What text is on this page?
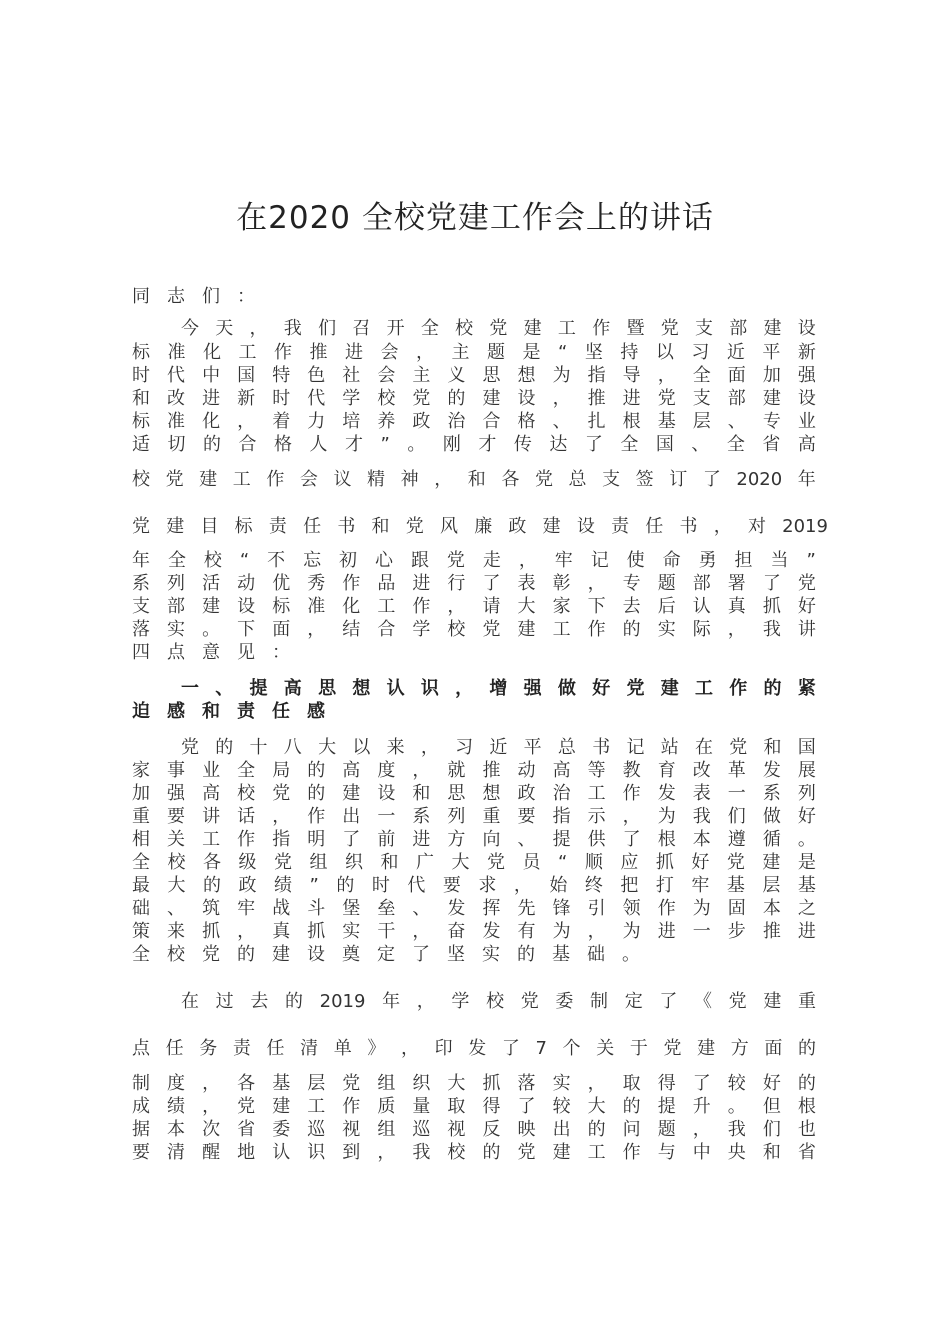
在2020 全校党建工作会上的讲话
同 志 们 ：
今 天 ， 我 们 召 开 全 校 党 建 工 作 暨 党 支 部 建 设
标 准 化 工 作 推 进 会 ， 主 题 是 “ 坚 持 以 习 近 平 新
时 代 中 国 特 色 社 会 主 义 思 想 为 指 导 ， 全 面 加 强
和 改 进 新 时 代 学 校 党 的 建 设 ， 推 进 党 支 部 建 设
标 准 化 ， 着 力 培 养 政 治 合 格 、 扎 根 基 层 、 专 业
适 切 的 合 格 人 才 ” 。 刚 才 传 达 了 全 国 、 全 省 高
校 党 建 工 作 会 议 精 神 ， 和 各 党 总 支 签 订 了 2020 年
党 建 目 标 责 任 书 和 党 风 廉 政 建 设 责 任 书 ， 对 2019
年 全 校 “ 不 忘 初 心 跟 党 走 ， 牢 记 使 命 勇 担 当 ”
系 列 活 动 优 秀 作 品 进 行 了 表 彰 ， 专 题 部 署 了 党
支 部 建 设 标 准 化 工 作 ， 请 大 家 下 去 后 认 真 抓 好
落 实 。 下 面 ， 结 合 学 校 党 建 工 作 的 实 际 ， 我 讲
四 点 意 见 ：
一 、 提 高 思 想 认 识 ， 增 强 做 好 党 建 工 作 的 紧
迫 感 和 责 任 感
党 的 十 八 大 以 来 ， 习 近 平 总 书 记 站 在 党 和 国
家 事 业 全 局 的 高 度 ， 就 推 动 高 等 教 育 改 革 发 展
加 强 高 校 党 的 建 设 和 思 想 政 治 工 作 发 表 一 系 列
重 要 讲 话 ， 作 出 一 系 列 重 要 指 示 ， 为 我 们 做 好
相 关 工 作 指 明 了 前 进 方 向 、 提 供 了 根 本 遵 循 。
全 校 各 级 党 组 织 和 广 大 党 员 “ 顺 应 抓 好 党 建 是
最 大 的 政 绩 ” 的 时 代 要 求 ， 始 终 把 打 牢 基 层 基
础 、 筑 牢 战 斗 堡 垒 、 发 挥 先 锋 引 领 作 为 固 本 之
策 来 抓 ， 真 抓 实 干 ， 奋 发 有 为 ， 为 进 一 步 推 进
全 校 党 的 建 设 奠 定 了 坚 实 的 基 础 。
在 过 去 的 2019 年 ， 学 校 党 委 制 定 了 《 党 建 重
点 任 务 责 任 清 单 》 ， 印 发 了 7 个 关 于 党 建 方 面 的
制 度 ， 各 基 层 党 组 织 大 抓 落 实 ， 取 得 了 较 好 的
成 绩 ， 党 建 工 作 质 量 取 得 了 较 大 的 提 升 。 但 根
据 本 次 省 委 巡 视 组 巡 视 反 映 出 的 问 题 ， 我 们 也
要 清 醒 地 认 识 到 ， 我 校 的 党 建 工 作 与 中 央 和 省
